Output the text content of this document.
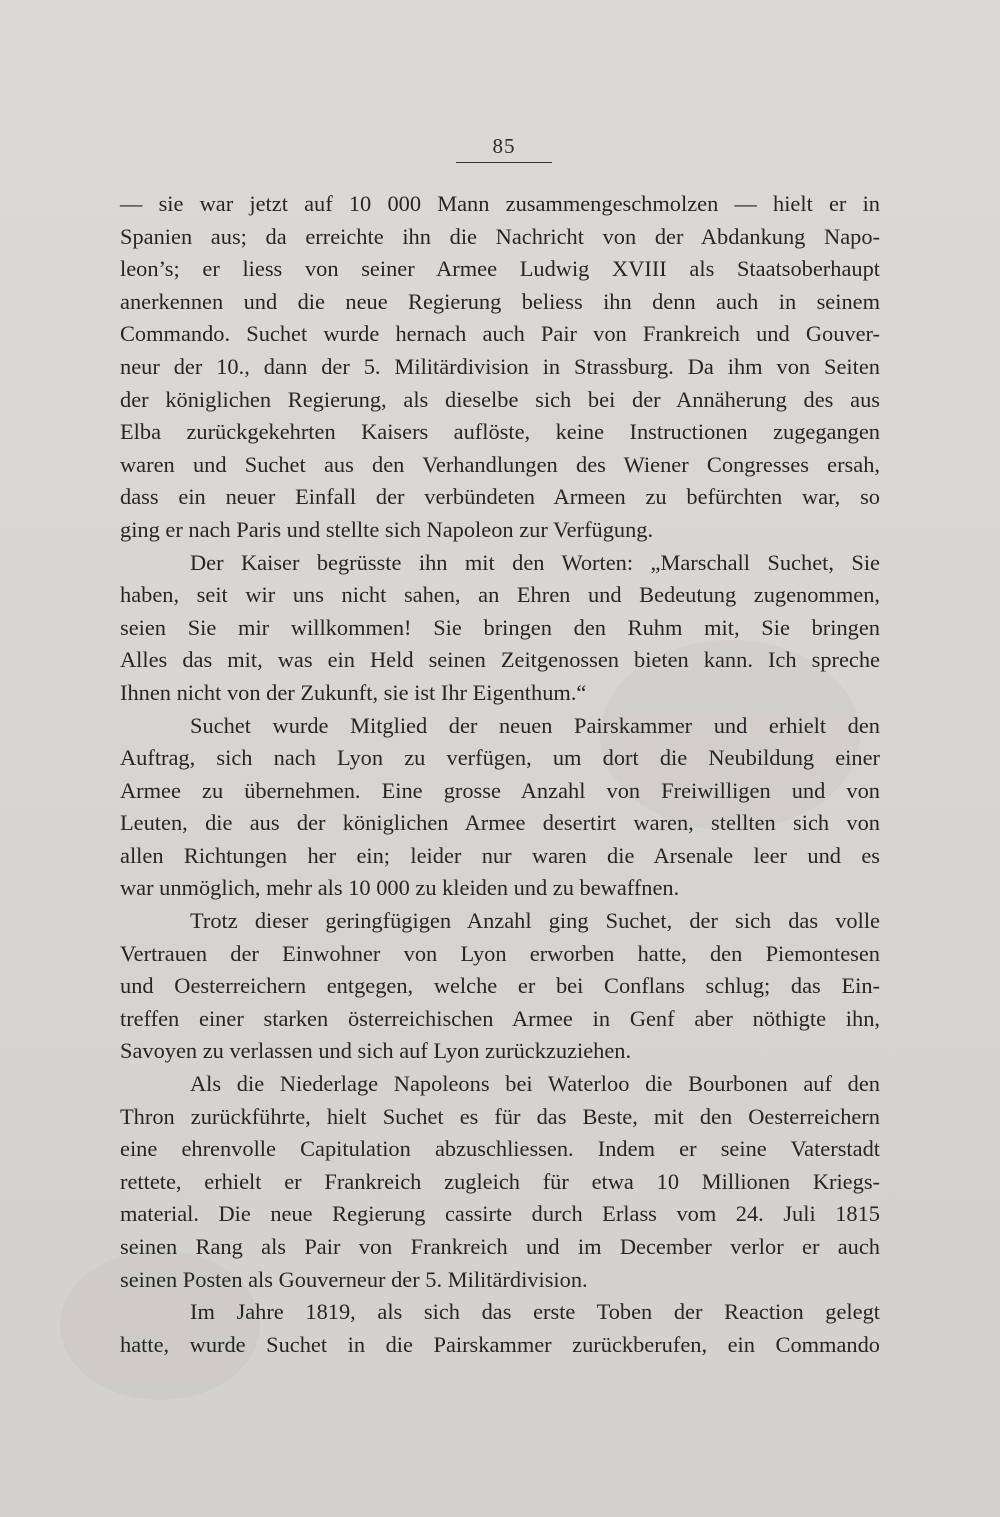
85
— sie war jetzt auf 10 000 Mann zusammengeschmolzen — hielt er in
Spanien aus; da erreichte ihn die Nachricht von der Abdankung Napo-
leon’s; er liess von seiner Armee Ludwig XVIII als Staatsoberhaupt
anerkennen und die neue Regierung beliess ihn denn auch in seinem
Commando. Suchet wurde hernach auch Pair von Frankreich und Gouver-
neur der 10., dann der 5. Militärdivision in Strassburg. Da ihm von Seiten
der königlichen Regierung, als dieselbe sich bei der Annäherung des aus
Elba zurückgekehrten Kaisers auflöste, keine Instructionen zugegangen
waren und Suchet aus den Verhandlungen des Wiener Congresses ersah,
dass ein neuer Einfall der verbündeten Armeen zu befürchten war, so
ging er nach Paris und stellte sich Napoleon zur Verfügung.
Der Kaiser begrüsste ihn mit den Worten: „Marschall Suchet, Sie
haben, seit wir uns nicht sahen, an Ehren und Bedeutung zugenommen,
seien Sie mir willkommen! Sie bringen den Ruhm mit, Sie bringen
Alles das mit, was ein Held seinen Zeitgenossen bieten kann. Ich spreche
Ihnen nicht von der Zukunft, sie ist Ihr Eigenthum.“
Suchet wurde Mitglied der neuen Pairskammer und erhielt den
Auftrag, sich nach Lyon zu verfügen, um dort die Neubildung einer
Armee zu übernehmen. Eine grosse Anzahl von Freiwilligen und von
Leuten, die aus der königlichen Armee desertirt waren, stellten sich von
allen Richtungen her ein; leider nur waren die Arsenale leer und es
war unmöglich, mehr als 10 000 zu kleiden und zu bewaffnen.
Trotz dieser geringfügigen Anzahl ging Suchet, der sich das volle
Vertrauen der Einwohner von Lyon erworben hatte, den Piemontesen
und Oesterreichern entgegen, welche er bei Conflans schlug; das Ein-
treffen einer starken österreichischen Armee in Genf aber nöthigte ihn,
Savoyen zu verlassen und sich auf Lyon zurückzuziehen.
Als die Niederlage Napoleons bei Waterloo die Bourbonen auf den
Thron zurückführte, hielt Suchet es für das Beste, mit den Oesterreichern
eine ehrenvolle Capitulation abzuschliessen. Indem er seine Vaterstadt
rettete, erhielt er Frankreich zugleich für etwa 10 Millionen Kriegs-
material. Die neue Regierung cassirte durch Erlass vom 24. Juli 1815
seinen Rang als Pair von Frankreich und im December verlor er auch
seinen Posten als Gouverneur der 5. Militärdivision.
Im Jahre 1819, als sich das erste Toben der Reaction gelegt
hatte, wurde Suchet in die Pairskammer zurückberufen, ein Commando
